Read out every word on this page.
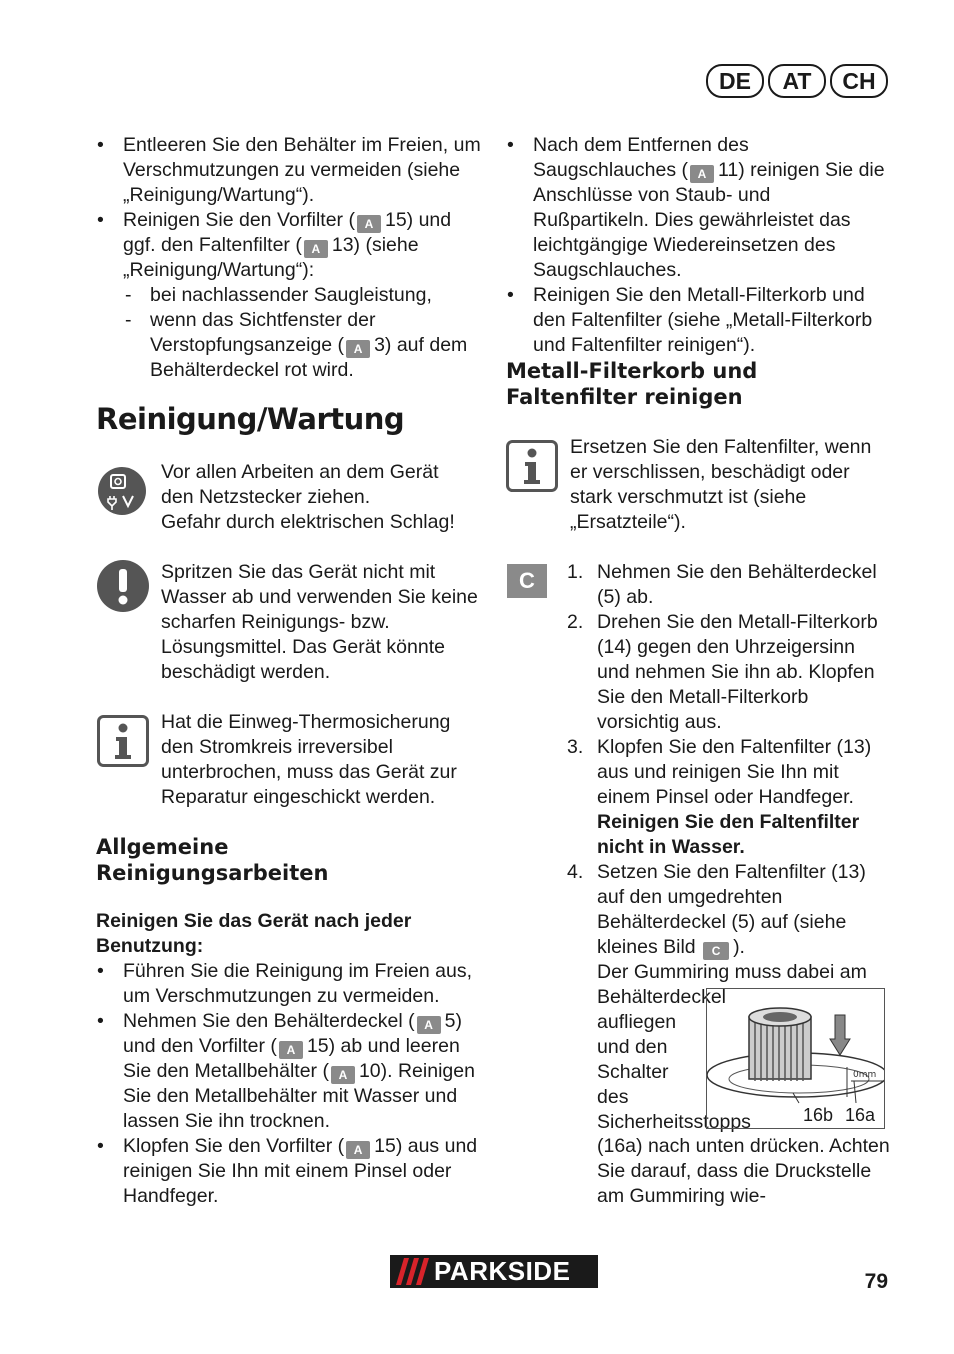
DE	AT	CH
• Entleeren Sie den Behälter im Freien, um Verschmutzungen zu vermeiden (siehe „Reinigung/Wartung“).
• Reinigen Sie den Vorfilter ( A 15) und ggf. den Faltenfilter ( A 13) (siehe „Reinigung/Wartung“):
- bei nachlassender Saugleistung,
- wenn das Sichtfenster der Verstopfungsanzeige ( A 3) auf dem Behälterdeckel rot wird.
Reinigung/Wartung
Vor allen Arbeiten an dem Gerät
den Netzstecker ziehen.
Gefahr durch elektrischen Schlag!
Spritzen Sie das Gerät nicht mit Wasser ab und verwenden Sie keine scharfen Reinigungs- bzw. Lösungsmittel. Das Gerät könnte beschädigt werden.
Hat die Einweg-Thermosicherung den Stromkreis irreversibel unterbrochen, muss das Gerät zur Reparatur eingeschickt werden.
Allgemeine Reinigungsarbeiten
Reinigen Sie das Gerät nach jeder Benutzung:
• Führen Sie die Reinigung im Freien aus, um Verschmutzungen zu vermeiden.
• Nehmen Sie den Behälterdeckel ( A 5) und den Vorfilter ( A 15) ab und leeren Sie den Metallbehälter ( A 10). Reinigen Sie den Metallbehälter mit Wasser und lassen Sie ihn trocknen.
• Klopfen Sie den Vorfilter ( A 15) aus und reinigen Sie Ihn mit einem Pinsel oder Handfeger.
• Nach dem Entfernen des Saugschlauches ( A 11) reinigen Sie die Anschlüsse von Staub- und Rußpartikeln. Dies gewährleistet das leichtgängige Wiedereinsetzen des Saugschlauches.
• Reinigen Sie den Metall-Filterkorb und den Faltenfilter (siehe „Metall-Filterkorb und Faltenfilter reinigen“).
Metall-Filterkorb und Faltenfilter reinigen
Ersetzen Sie den Faltenfilter, wenn er verschlissen, beschädigt oder stark verschmutzt ist (siehe „Ersatzteile“).
C	1. Nehmen Sie den Behälterdeckel (5) ab.
2. Drehen Sie den Metall-Filterkorb (14) gegen den Uhrzeigersinn und nehmen Sie ihn ab. Klopfen Sie den Metall-Filterkorb vorsichtig aus.
3. Klopfen Sie den Faltenfilter (13) aus und reinigen Sie Ihn mit einem Pinsel oder Handfeger.
Reinigen Sie den Faltenfilter nicht in Wasser.
4. Setzen Sie den Faltenfilter (13) auf den umgedrehten Behälterdeckel (5) auf (siehe kleines Bild C ).
Der Gummiring muss dabei am
Behälterdeckel aufliegen und den Schalter des Sicherheitsstopps
(16a) nach unten drücken. Achten Sie darauf, dass die Druckstelle am Gummiring wie-
0mm
16b 16a
PARKSIDE	79
